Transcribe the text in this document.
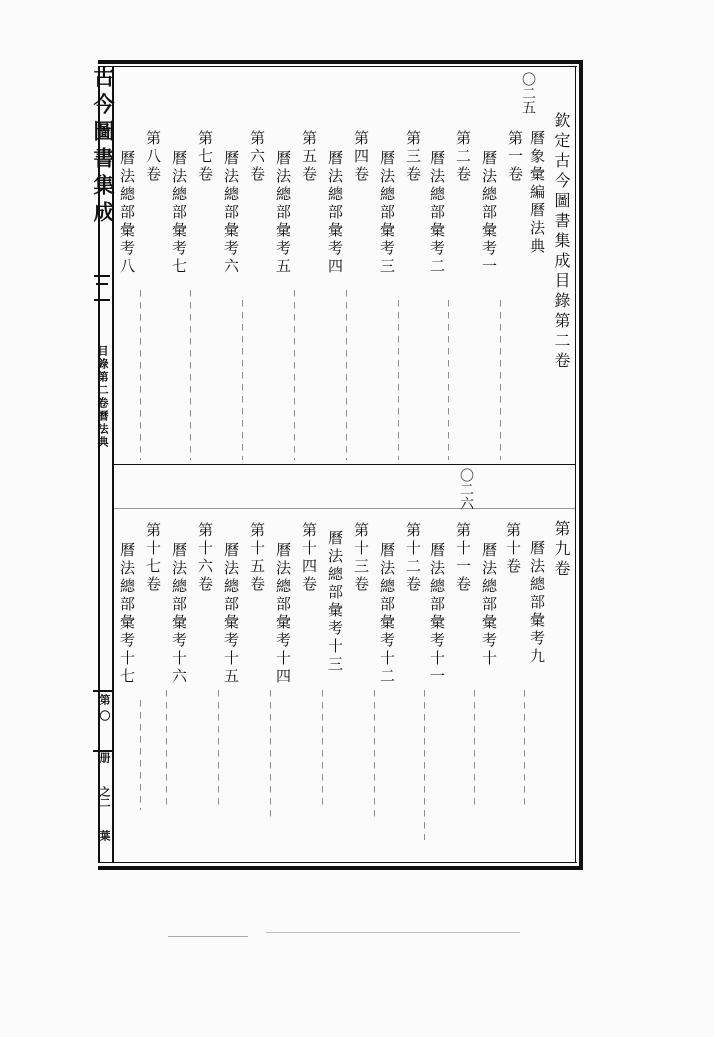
古今圖書集成
目錄第二卷曆法典
第
〇
册
之二
葉
〇二五
欽定古今圖書集成目錄第二卷
曆象彙編曆法典
第一卷
曆法總部彙考一
第二卷
曆法總部彙考二
第三卷
曆法總部彙考三
第四卷
曆法總部彙考四
第五卷
曆法總部彙考五
第六卷
曆法總部彙考六
第七卷
曆法總部彙考七
第八卷
曆法總部彙考八
〇二六
第九卷
曆法總部彙考九
第十卷
曆法總部彙考十
第十一卷
曆法總部彙考十一
第十二卷
曆法總部彙考十二
第十三卷
曆法總部彙考十三
第十四卷
曆法總部彙考十四
第十五卷
曆法總部彙考十五
第十六卷
曆法總部彙考十六
第十七卷
曆法總部彙考十七
